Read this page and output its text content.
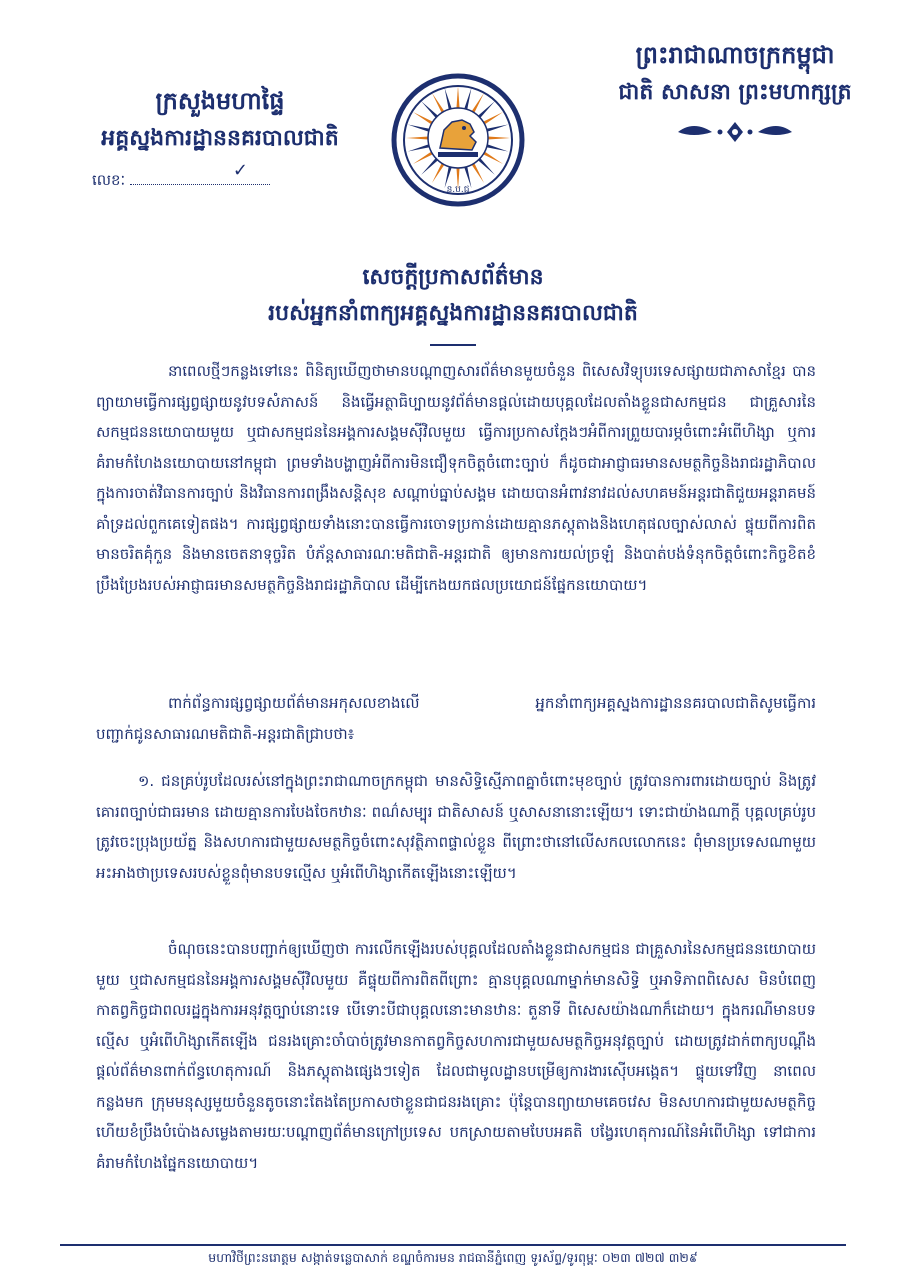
ក្រសួងមហាផ្ទៃ
អគ្គស្នងការដ្ឋាននគរបាលជាតិ
លេខៈ	✓
ន.ប.ជ
ព្រះរាជាណាចក្រកម្ពុជា
ជាតិ សាសនា ព្រះមហាក្សត្រ
សេចក្តីប្រកាសព័ត៌មាន
របស់អ្នកនាំពាក្យអគ្គស្នងការដ្ឋាននគរបាលជាតិ

នាពេលថ្មីៗកន្លងទៅនេះ ពិនិត្យឃើញថាមានបណ្តាញសារព័ត៌មានមួយចំនួន ពិសេសវិទ្យុបរទេសផ្សាយជាភាសាខ្មែរ បានព្យាយាមធ្វើការផ្សព្វផ្សាយនូវបទសំភាសន៍ និងធ្វើអត្ថាធិប្បាយនូវព័ត៌មានផ្តល់ដោយបុគ្គលដែលតាំងខ្លួនជាសកម្មជន ជាគ្រួសារនៃសកម្មជននយោបាយមួយ ឬជាសកម្មជននៃអង្គការសង្គមស៊ីវិលមួយ ធ្វើការប្រកាសក្តែងៗអំពីការព្រួយបារម្ភចំពោះអំពើហិង្សា ឬការគំរាមកំហែងនយោបាយនៅកម្ពុជា ព្រមទាំងបង្ហាញអំពីការមិនជឿទុកចិត្តចំពោះច្បាប់ ក៏ដូចជាអាជ្ញាធរមានសមត្ថកិច្ចនិងរាជរដ្ឋាភិបាលក្នុងការចាត់វិធានការច្បាប់ និងវិធានការពង្រឹងសន្តិសុខ សណ្តាប់ធ្នាប់សង្គម ដោយបានអំពាវនាវដល់សហគមន៍អន្តរជាតិជួយអន្តរាគមន៍គាំទ្រដល់ពួកគេទៀតផង។ ការផ្សព្វផ្សាយទាំងនោះបានធ្វើការចោទប្រកាន់ដោយគ្មានភស្តុតាងនិងហេតុផលច្បាស់លាស់ ផ្ទុយពីការពិត មានចរិតគុំកួន និងមានចេតនាទុច្ចរិត បំភ័ន្តសាធារណៈមតិជាតិ-អន្តរជាតិ ឲ្យមានការយល់ច្រឡំ និងបាត់បង់ទំនុកចិត្តចំពោះកិច្ចខិតខំប្រឹងប្រែងរបស់អាជ្ញាធរមានសមត្ថកិច្ចនិងរាជរដ្ឋាភិបាល ដើម្បីកេងយកផលប្រយោជន៍ផ្នែកនយោបាយ។

ពាក់ព័ន្ធការផ្សព្វផ្សាយព័ត៌មានអកុសលខាងលើ អ្នកនាំពាក្យអគ្គស្នងការដ្ឋាននគរបាលជាតិសូមធ្វើការបញ្ជាក់ជូនសាធារណមតិជាតិ-អន្តរជាតិជ្រាបថា៖

១. ជនគ្រប់រូបដែលរស់នៅក្នុងព្រះរាជាណាចក្រកម្ពុជា មានសិទ្ធិស្មើភាពគ្នាចំពោះមុខច្បាប់ ត្រូវបានការពារដោយច្បាប់ និងត្រូវគោរពច្បាប់ជាធរមាន ដោយគ្មានការបែងចែកឋានៈ ពណ៌សម្បុរ ជាតិសាសន៍ ឬសាសនានោះឡើយ។ ទោះជាយ៉ាងណាក្តី បុគ្គលគ្រប់រូបត្រូវចេះប្រុងប្រយ័ត្ន និងសហការជាមួយសមត្ថកិច្ចចំពោះសុវត្ថិភាពផ្ទាល់ខ្លួន ពីព្រោះថានៅលើសកលលោកនេះ ពុំមានប្រទេសណាមួយអះអាងថាប្រទេសរបស់ខ្លួនពុំមានបទល្មើស ឬអំពើហិង្សាកើតឡើងនោះឡើយ។

ចំណុចនេះបានបញ្ជាក់ឲ្យឃើញថា ការលើកឡើងរបស់បុគ្គលដែលតាំងខ្លួនជាសកម្មជន ជាគ្រួសារនៃសកម្មជននយោបាយមួយ ឬជាសកម្មជននៃអង្គការសង្គមស៊ីវិលមួយ គឺផ្ទុយពីការពិតពីព្រោះ គ្មានបុគ្គលណាម្នាក់មានសិទ្ធិ ឬអាទិភាពពិសេស មិនបំពេញកាតព្វកិច្ចជាពលរដ្ឋក្នុងការអនុវត្តច្បាប់នោះទេ បើទោះបីជាបុគ្គលនោះមានឋានៈ តួនាទី ពិសេសយ៉ាងណាក៏ដោយ។ ក្នុងករណីមានបទល្មើស ឬអំពើហិង្សាកើតឡើង ជនរងគ្រោះចាំបាច់ត្រូវមានកាតព្វកិច្ចសហការជាមួយសមត្ថកិច្ចអនុវត្តច្បាប់ ដោយត្រូវដាក់ពាក្យបណ្តឹង ផ្តល់ព័ត៌មានពាក់ព័ន្ធហេតុការណ៍ និងភស្តុតាងផ្សេងៗទៀត ដែលជាមូលដ្ឋានបម្រើឲ្យការងារស៊ើបអង្កេត។ ផ្ទុយទៅវិញ នាពេលកន្លងមក ក្រុមមនុស្សមួយចំនួនតូចនោះតែងតែប្រកាសថាខ្លួនជាជនរងគ្រោះ ប៉ុន្តែបានព្យាយាមគេចវេស មិនសហការជាមួយសមត្ថកិច្ច ហើយខំប្រឹងបំប៉ោងសម្លេងតាមរយៈបណ្តាញព័ត៌មានក្រៅប្រទេស បកស្រាយតាមបែបអគតិ បង្វែរហេតុការណ៍នៃអំពើហិង្សា ទៅជាការគំរាមកំហែងផ្នែកនយោបាយ។

មហាវិថីព្រះនរោត្តម សង្កាត់ទន្លេបាសាក់ ខណ្ឌចំការមន រាជធានីភ្នំពេញ ទូរស័ព្ទ/ទូរពុម្ពៈ ០២៣ ៧២៧ ៣២៩
